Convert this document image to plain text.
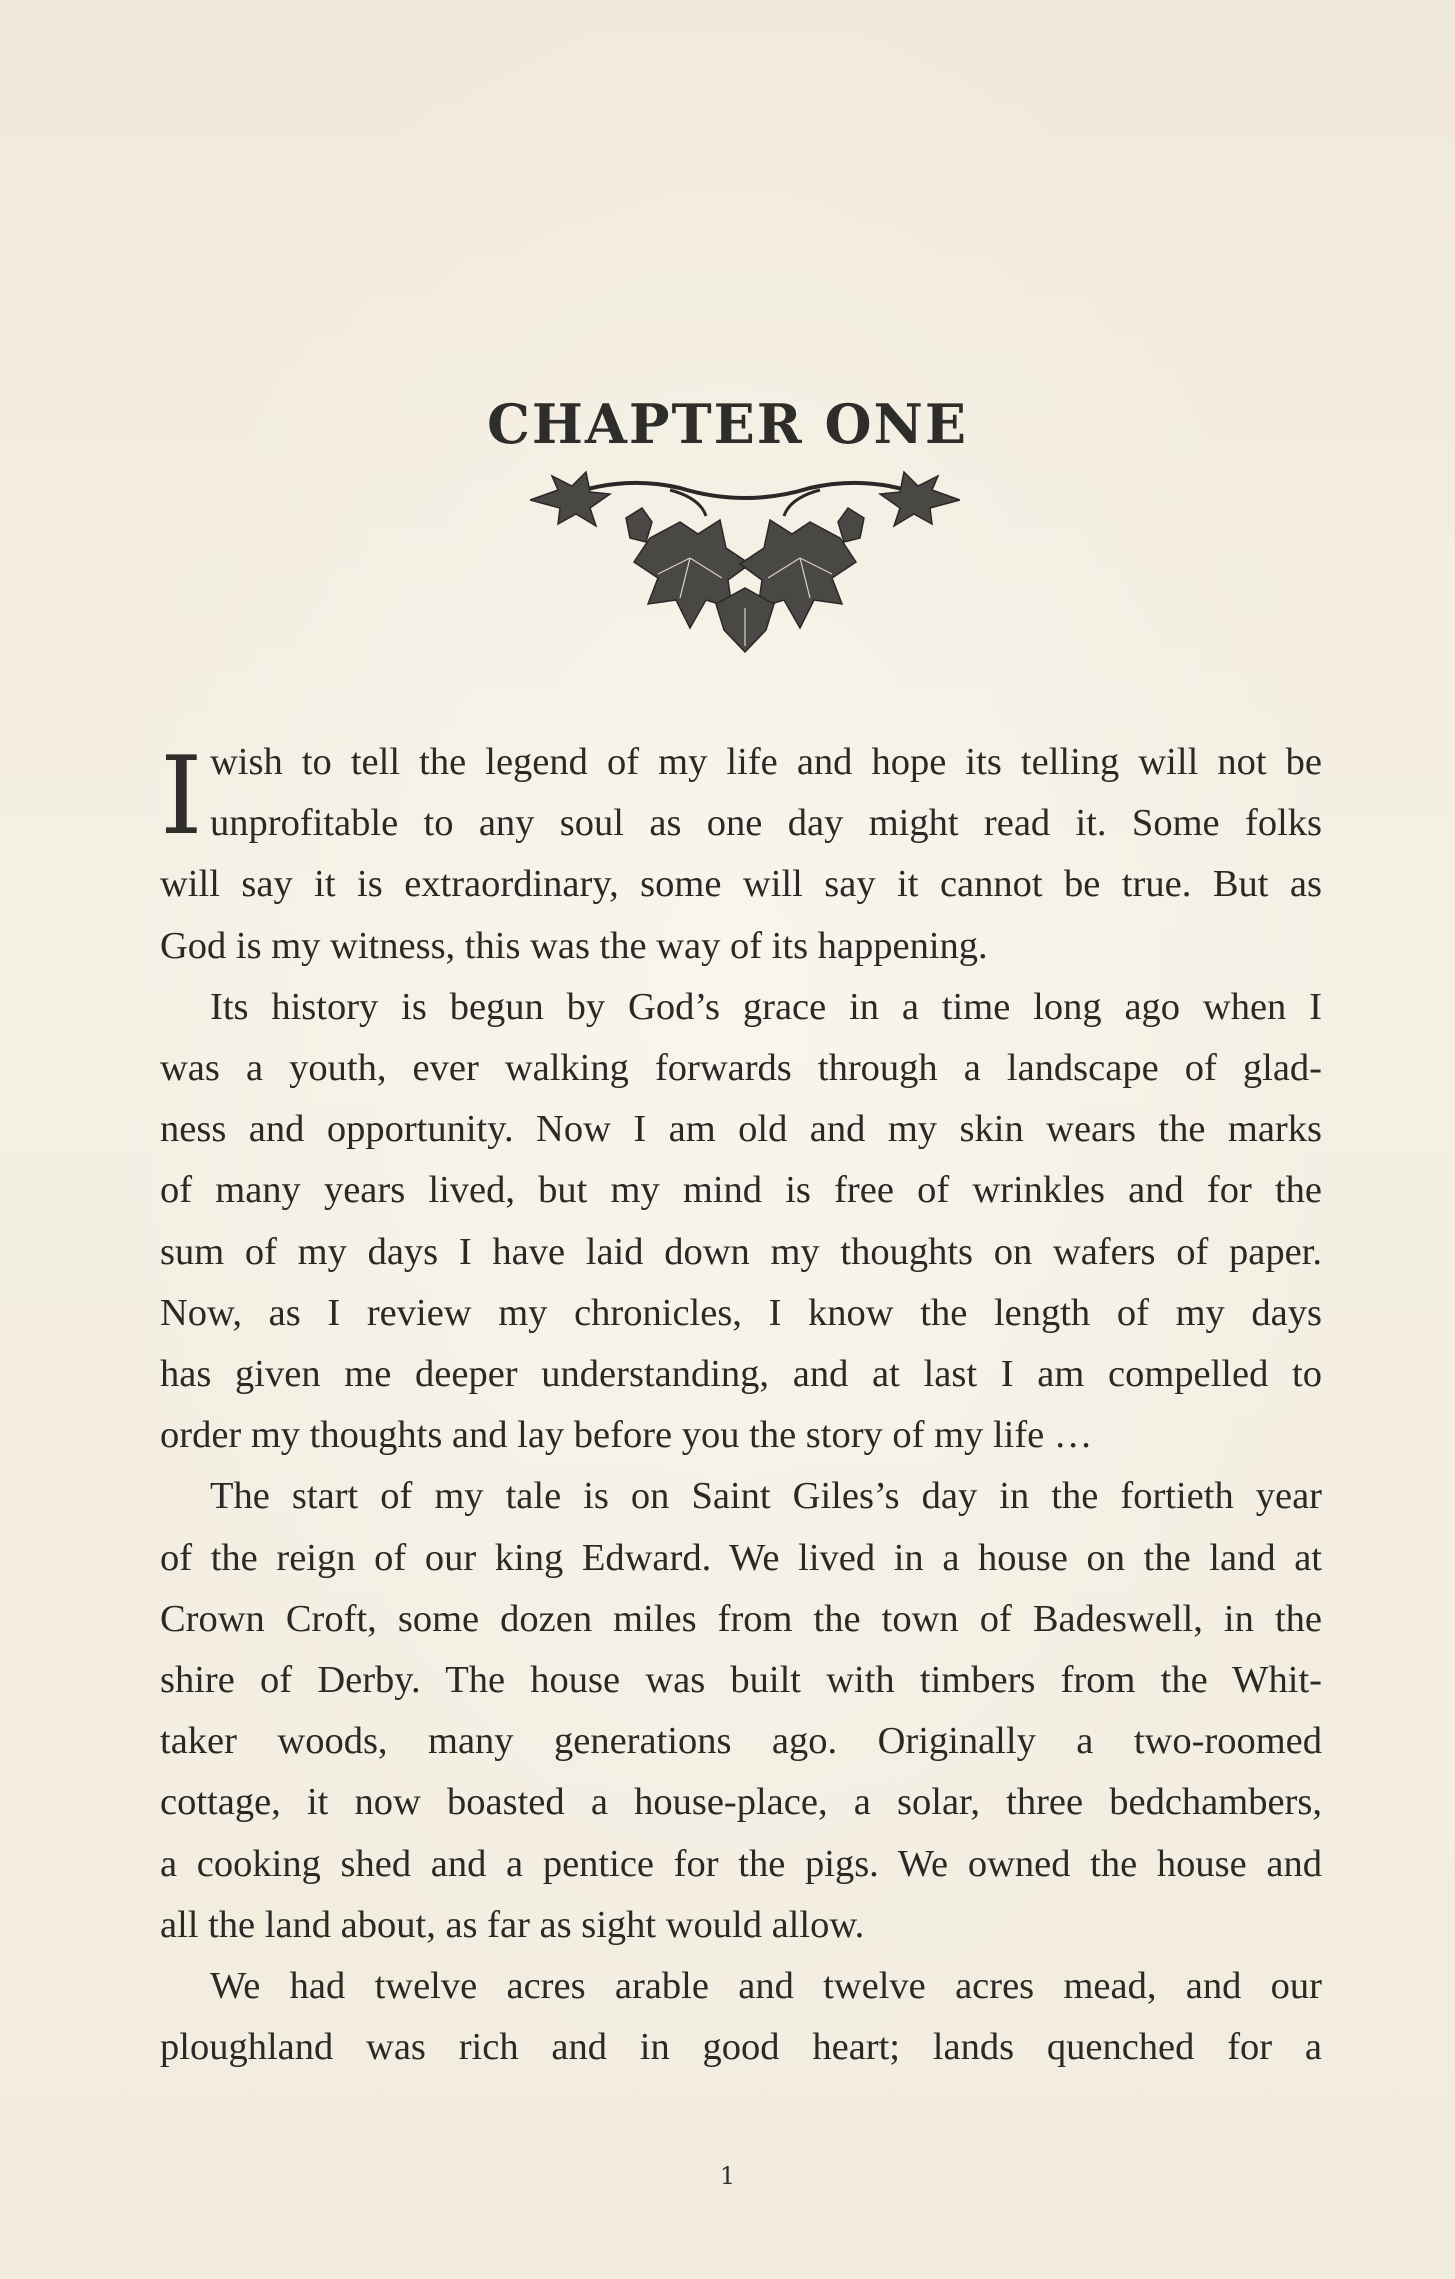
CHAPTER ONE

I wish to tell the legend of my life and hope its telling will not be
unprofitable to any soul as one day might read it. Some folks

will say it is extraordinary, some will say it cannot be true. But as
God is my witness, this was the way of its happening.

Its history is begun by God’s grace in a time long ago when I
was a youth, ever walking forwards through a landscape of glad-
ness and opportunity. Now I am old and my skin wears the marks
of many years lived, but my mind is free of wrinkles and for the
sum of my days I have laid down my thoughts on wafers of paper.
Now, as I review my chronicles, I know the length of my days
has given me deeper understanding, and at last I am compelled to
order my thoughts and lay before you the story of my life …

The start of my tale is on Saint Giles’s day in the fortieth year
of the reign of our king Edward. We lived in a house on the land at
Crown Croft, some dozen miles from the town of Badeswell, in the
shire of Derby. The house was built with timbers from the Whit-
taker woods, many generations ago. Originally a two-roomed
cottage, it now boasted a house-place, a solar, three bedchambers,
a cooking shed and a pentice for the pigs. We owned the house and
all the land about, as far as sight would allow.

We had twelve acres arable and twelve acres mead, and our
ploughland was rich and in good heart; lands quenched for a

1
